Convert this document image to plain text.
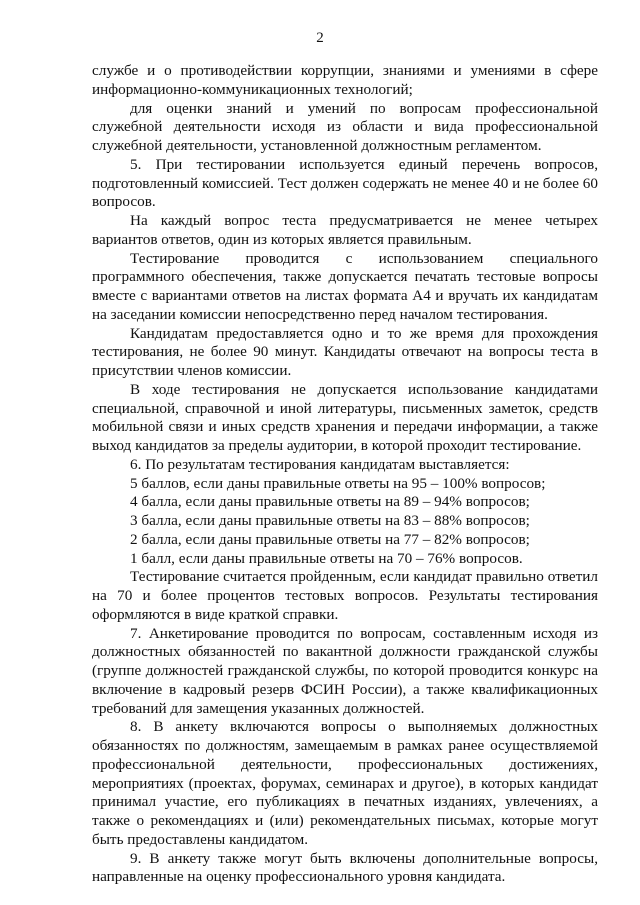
2

службе и о противодействии коррупции, знаниями и умениями в сфере информационно-коммуникационных технологий;

для оценки знаний и умений по вопросам профессиональной служебной деятельности исходя из области и вида профессиональной служебной деятельности, установленной должностным регламентом.

5. При тестировании используется единый перечень вопросов, подготовленный комиссией. Тест должен содержать не менее 40 и не более 60 вопросов.

На каждый вопрос теста предусматривается не менее четырех вариантов ответов, один из которых является правильным.

Тестирование проводится с использованием специального программного обеспечения, также допускается печатать тестовые вопросы вместе с вариантами ответов на листах формата А4 и вручать их кандидатам на заседании комиссии непосредственно перед началом тестирования.

Кандидатам предоставляется одно и то же время для прохождения тестирования, не более 90 минут. Кандидаты отвечают на вопросы теста в присутствии членов комиссии.

В ходе тестирования не допускается использование кандидатами специальной, справочной и иной литературы, письменных заметок, средств мобильной связи и иных средств хранения и передачи информации, а также выход кандидатов за пределы аудитории, в которой проходит тестирование.

6. По результатам тестирования кандидатам выставляется:

5 баллов, если даны правильные ответы на 95 – 100% вопросов;

4 балла, если даны правильные ответы на 89 – 94% вопросов;

3 балла, если даны правильные ответы на 83 – 88% вопросов;

2 балла, если даны правильные ответы на 77 – 82% вопросов;

1 балл, если даны правильные ответы на 70 – 76% вопросов.

Тестирование считается пройденным, если кандидат правильно ответил на 70 и более процентов тестовых вопросов. Результаты тестирования оформляются в виде краткой справки.

7. Анкетирование проводится по вопросам, составленным исходя из должностных обязанностей по вакантной должности гражданской службы (группе должностей гражданской службы, по которой проводится конкурс на включение в кадровый резерв ФСИН России), а также квалификационных требований для замещения указанных должностей.

8. В анкету включаются вопросы о выполняемых должностных обязанностях по должностям, замещаемым в рамках ранее осуществляемой профессиональной деятельности, профессиональных достижениях, мероприятиях (проектах, форумах, семинарах и другое), в которых кандидат принимал участие, его публикациях в печатных изданиях, увлечениях, а также о рекомендациях и (или) рекомендательных письмах, которые могут быть предоставлены кандидатом.

9. В анкету также могут быть включены дополнительные вопросы, направленные на оценку профессионального уровня кандидата.
